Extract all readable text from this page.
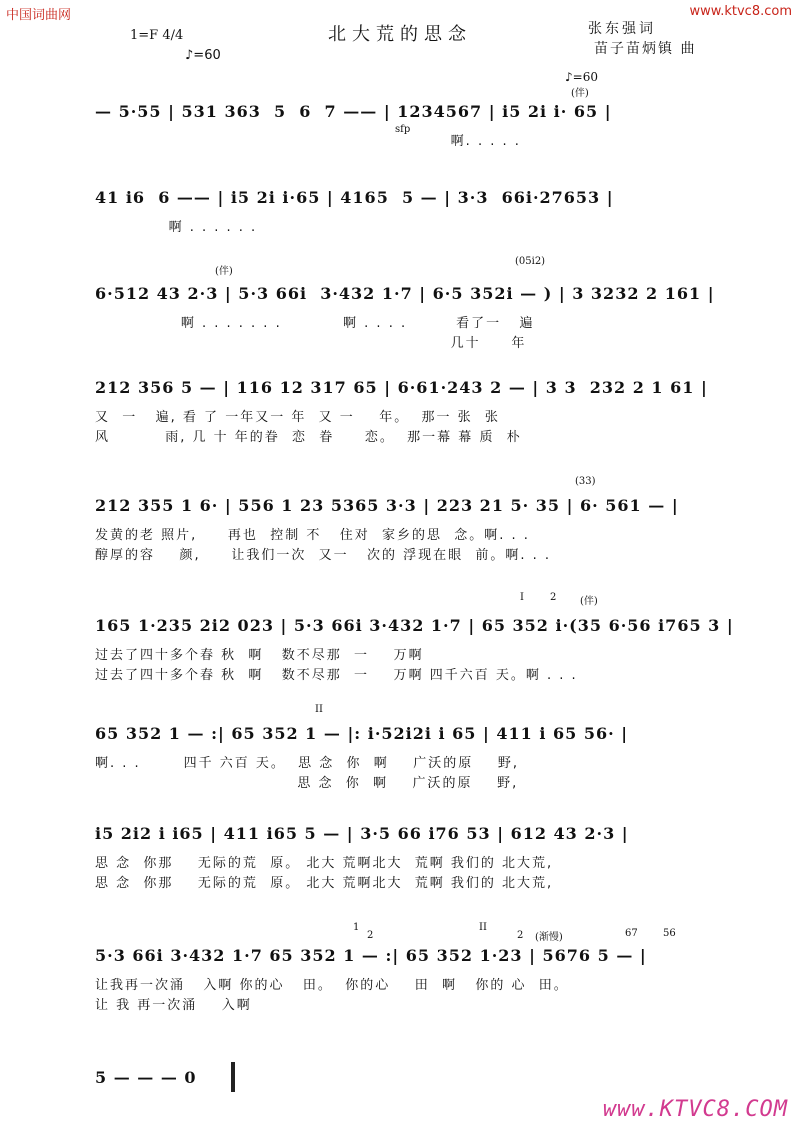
中国词曲网	www.ktvc8.com
www.KTVC8.COM
北大荒的思念
1=F 4/4
♪=60
张东强词
苗子苗炳镇 曲
— 5·55 | 531 363  5  6  7 —— | 1234567 | i5 2i i· 65 |
sfp
♪=60
(伴)
啊. . . . .
41 i6  6 —— | i5 2i i·65 | 4165  5 — | 3·3  66i·27653 |
啊 . . . . . .
6·512 43 2·3 | 5·3 66i  3·432 1·7 | 6·5 352i — ) | 3 3232 2 161 |
(伴)
(05i2)
啊 . . . . . . .          啊 . . . .        看了一   遍
几十     年
212 356 5 — | 116 12 317 65 | 6·61·243 2 — | 3 3  232 2 1 61 |
又  一   遍, 看 了 一年又一 年  又 一    年。  那一 张  张
风         雨, 几 十 年的眷  恋  眷     恋。  那一幕 幕 质  朴
212 355 1 6· | 556 1 23 5365 3·3 | 223 21 5· 35 | 6· 561 — |
(33)
发黄的老 照片,     再也  控制 不   住对  家乡的思  念。啊. . .
醇厚的容    颜,     让我们一次  又一   次的 浮现在眼  前。啊. . .
165 1·235 2i2 023 | 5·3 66i 3·432 1·7 | 65 352 i·(35 6·56 i765 3 |
I	2 (伴)
过去了四十多个春 秋  啊   数不尽那  一    万啊
过去了四十多个春 秋  啊   数不尽那  一    万啊 四千六百 天。啊 . . .
65 352 1 — :| 65 352 1 — |: i·52i2i i 65 | 411 i 65 56· |
II
啊. . .       四千 六百 天。  思 念  你  啊    广沃的原    野,
思 念  你  啊    广沃的原    野,
i5 2i2 i i65 | 411 i65 5 — | 3·5 66 i76 53 | 612 43 2·3 |
思 念  你那    无际的荒  原。 北大 荒啊北大  荒啊 我们的 北大荒,
思 念  你那    无际的荒  原。 北大 荒啊北大  荒啊 我们的 北大荒,
5·3 66i 3·432 1·7 65 352 1 — :| 65 352 1·23 | 5676 5 — |
1
2
II
2 (渐慢)	67	56
让我再一次涌   入啊 你的心   田。  你的心    田  啊   你的 心  田。
让 我 再一次涌    入啊
5 — — — 0
